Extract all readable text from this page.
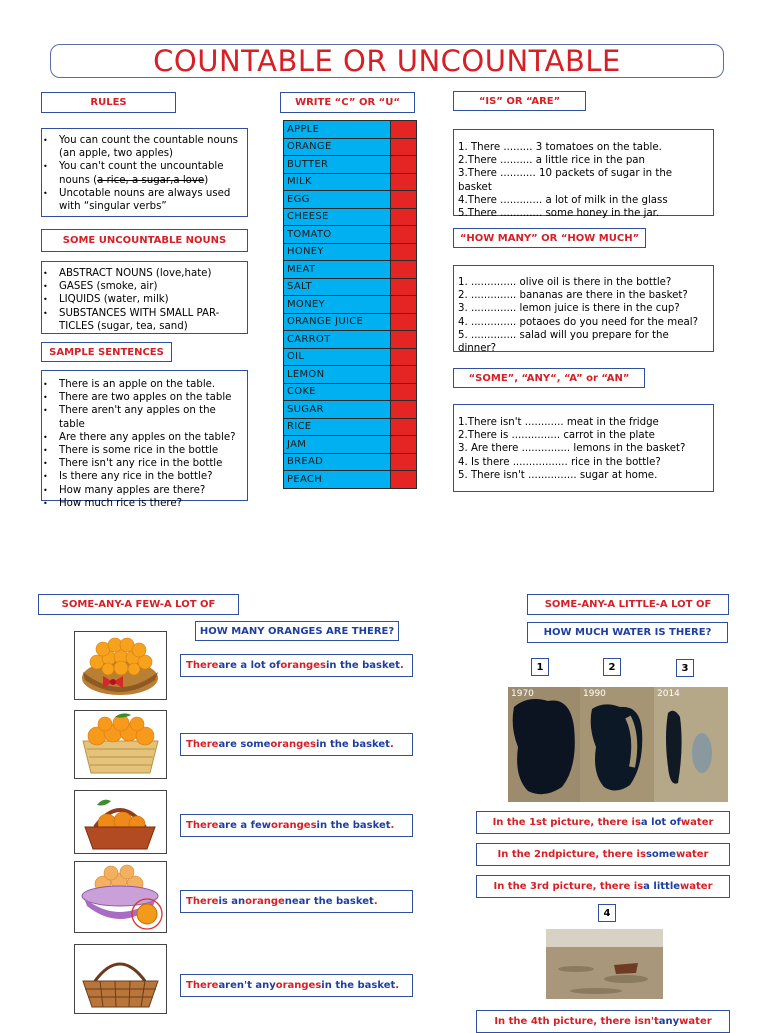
COUNTABLE OR UNCOUNTABLE
RULES
• You can count the countable nouns (an apple, two apples)
• You can't count the uncountable nouns (a rice, a sugar,a love)
• Uncotable nouns are always used with “singular verbs”
SOME UNCOUNTABLE NOUNS
• ABSTRACT NOUNS (love,hate)
• GASES (smoke, air)
• LIQUIDS (water, milk)
• SUBSTANCES WITH SMALL PAR-TICLES (sugar, tea, sand)
SAMPLE SENTENCES
• There is an apple on the table.
• There are two apples on the table
• There aren't any apples on the table
• Are there any apples on the table?
• There is some rice in the bottle
• There isn't any rice in the bottle
• Is there any rice in the bottle?
• How many apples are there?
• How much rice is there?
WRITE “C” OR “U“
APPLE	
ORANGE	
BUTTER	
MILK	
EGG	
CHEESE	
TOMATO	
HONEY	
MEAT	
SALT	
MONEY	
ORANGE JUICE	
CARROT	
OIL	
LEMON	
COKE	
SUGAR	
RICE	
JAM	
BREAD	
PEACH	
“IS” OR “ARE”
1. There ......... 3 tomatoes on the table.
2.There .......... a little rice in the pan
3.There ........... 10 packets of sugar in the basket
4.There ............. a lot of milk in the glass
5.There ............. some honey in the jar.
“HOW MANY” OR “HOW MUCH”
1. .............. olive oil is there in the bottle?
2. .............. bananas are there in the basket?
3. .............. lemon juice is there in the cup?
4. .............. potaoes do you need for the meal?
5. .............. salad will you prepare for the dinner?
“SOME”, “ANY“, “A” or “AN”
1.There isn't ............ meat in the fridge
2.There is ............... carrot in the plate
3. Are there ............... lemons in the basket?
4. Is there ................. rice in the bottle?
5. There isn't ............... sugar at home.
SOME-ANY-A FEW-A LOT OF
HOW MANY ORANGES ARE THERE?
There are a lot of oranges in the basket .
There are some oranges in the basket .
There are a few oranges in the basket .
There is an orange near the basket .
There aren't any oranges in the basket .
SOME-ANY-A LITTLE-A LOT OF
HOW MUCH WATER IS THERE?
1	2	3
1970	1990	2014
In the 1st picture, there is a lot of water
In the 2ndpicture, there is some water
In the 3rd picture, there is a little water
4
In the 4th picture, there isn't any water
